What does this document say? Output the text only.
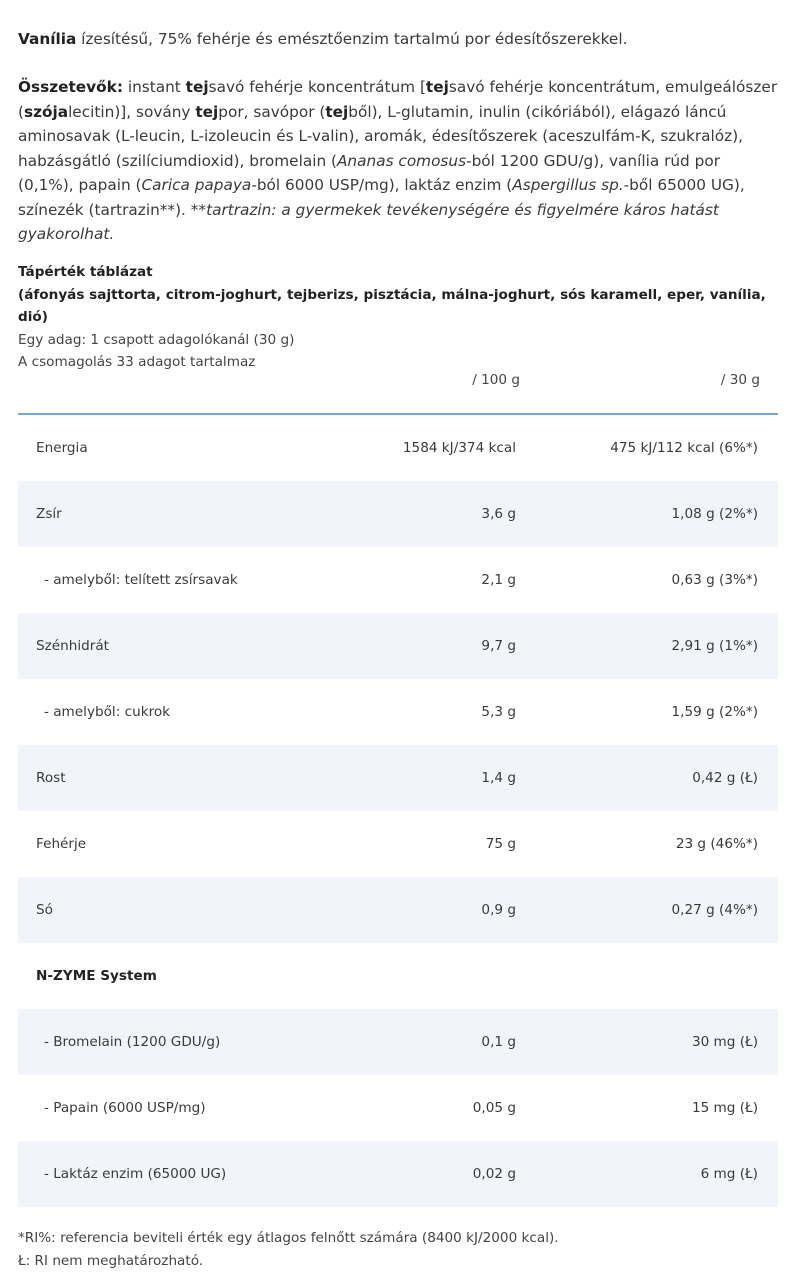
Vanília ízesítésű, 75% fehérje és emésztőenzim tartalmú por édesítőszerekkel.

Összetevők: instant tejsavó fehérje koncentrátum [tejsavó fehérje koncentrátum, emulgeálószer (szójalecitin)], sovány tejpor, savópor (tejből), L-glutamin, inulin (cikóriából), elágazó láncú aminosavak (L-leucin, L-izoleucin és L-valin), aromák, édesítőszerek (aceszulfám-K, szukralóz), habzásgátló (szilíciumdioxid), bromelain (Ananas comosus-ból 1200 GDU/g), vanília rúd por (0,1%), papain (Carica papaya-ból 6000 USP/mg), laktáz enzim (Aspergillus sp.-ből 65000 UG), színezék (tartrazin**). **tartrazin: a gyermekek tevékenységére és figyelmére káros hatást gyakorolhat.

Tápérték táblázat
(áfonyás sajttorta, citrom-joghurt, tejberizs, pisztácia, málna-joghurt, sós karamell, eper, vanília, dió)
Egy adag: 1 csapott adagolókanál (30 g)
A csomagolás 33 adagot tartalmaz
/ 100 g	/ 30 g
Energia	1584 kJ/374 kcal	475 kJ/112 kcal (6%*)
Zsír	3,6 g	1,08 g (2%*)
- amelyből: telített zsírsavak	2,1 g	0,63 g (3%*)
Szénhidrát	9,7 g	2,91 g (1%*)
- amelyből: cukrok	5,3 g	1,59 g (2%*)
Rost	1,4 g	0,42 g (Ł)
Fehérje	75 g	23 g (46%*)
Só	0,9 g	0,27 g (4%*)
N-ZYME System
- Bromelain (1200 GDU/g)	0,1 g	30 mg (Ł)
- Papain (6000 USP/mg)	0,05 g	15 mg (Ł)
- Laktáz enzim (65000 UG)	0,02 g	6 mg (Ł)
*RI%: referencia beviteli érték egy átlagos felnőtt számára (8400 kJ/2000 kcal).
Ł: RI nem meghatározható.
